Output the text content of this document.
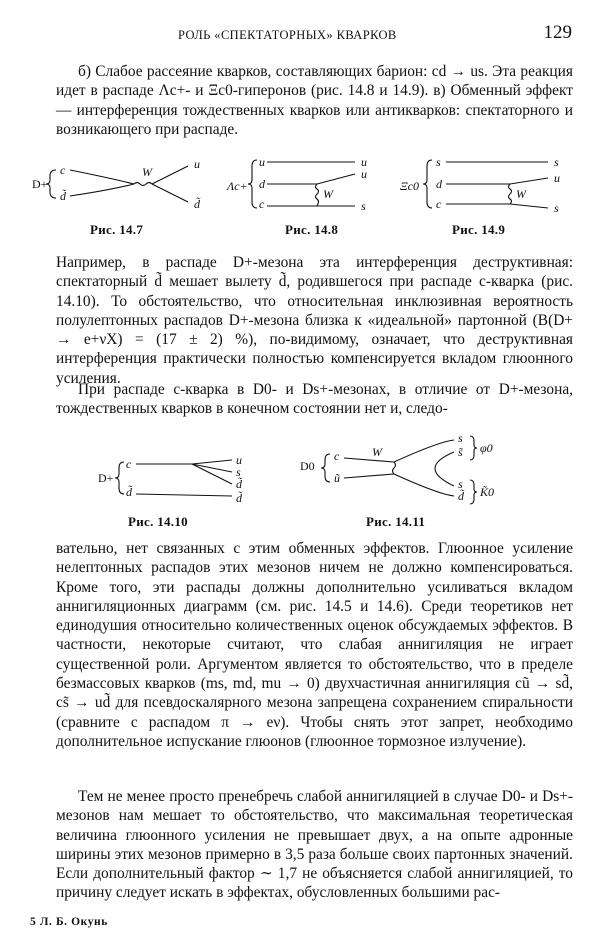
РОЛЬ «СПЕКТАТОРНЫХ» КВАРКОВ	129
б) Слабое рассеяние кварков, составляющих барион: cd → us. Эта реакция идет в распаде Λc+- и Ξc0-гиперонов (рис. 14.8 и 14.9). в) Обменный эффект — интерференция тождественных кварков или антикварков: спектаторного и возникающего при распаде.
D+
c
d̃
W
u
d̃
Рис. 14.7
Λc+
u
d
c
W
u
u
s
Рис. 14.8
Ξc0
s
d
c
W
s
u
s
Рис. 14.9
Например, в распаде D+-мезона эта интерференция деструктивная: спектаторный d̃ мешает вылету d̃, родившегося при распаде c-кварка (рис. 14.10). То обстоятельство, что относительная инклюзивная вероятность полулептонных распадов D+-мезона близка к «идеальной» партонной (B(D+ → e+νX) = (17 ± 2) %), по-видимому, означает, что деструктивная интерференция практически полностью компенсируется вкладом глюонного усиления.
При распаде c-кварка в D0- и Ds+-мезонах, в отличие от D+-мезона, тождественных кварков в конечном состоянии нет и, следо-
D+
c
d̃
u
s
d̃
d̃
Рис. 14.10
D0
c
ũ
W
s
s̃
s
d̃
φ0
K̃0
Рис. 14.11
вательно, нет связанных с этим обменных эффектов. Глюонное усиление нелептонных распадов этих мезонов ничем не должно компенсироваться. Кроме того, эти распады должны дополнительно усиливаться вкладом аннигиляционных диаграмм (см. рис. 14.5 и 14.6). Среди теоретиков нет единодушия относительно количественных оценок обсуждаемых эффектов. В частности, некоторые считают, что слабая аннигиляция не играет существенной роли. Аргументом является то обстоятельство, что в пределе безмассовых кварков (ms, md, mu → 0) двухчастичная аннигиляция cũ → sd̃, cs̃ → ud̃ для псевдоскалярного мезона запрещена сохранением спиральности (сравните с распадом π → eν). Чтобы снять этот запрет, необходимо дополнительное испускание глюонов (глюонное тормозное излучение).
Тем не менее просто пренебречь слабой аннигиляцией в случае D0- и Ds+-мезонов нам мешает то обстоятельство, что максимальная теоретическая величина глюонного усиления не превышает двух, а на опыте адронные ширины этих мезонов примерно в 3,5 раза больше своих партонных значений. Если дополнительный фактор ∼ 1,7 не объясняется слабой аннигиляцией, то причину следует искать в эффектах, обусловленных большими рас-
5 Л. Б. Окунь
